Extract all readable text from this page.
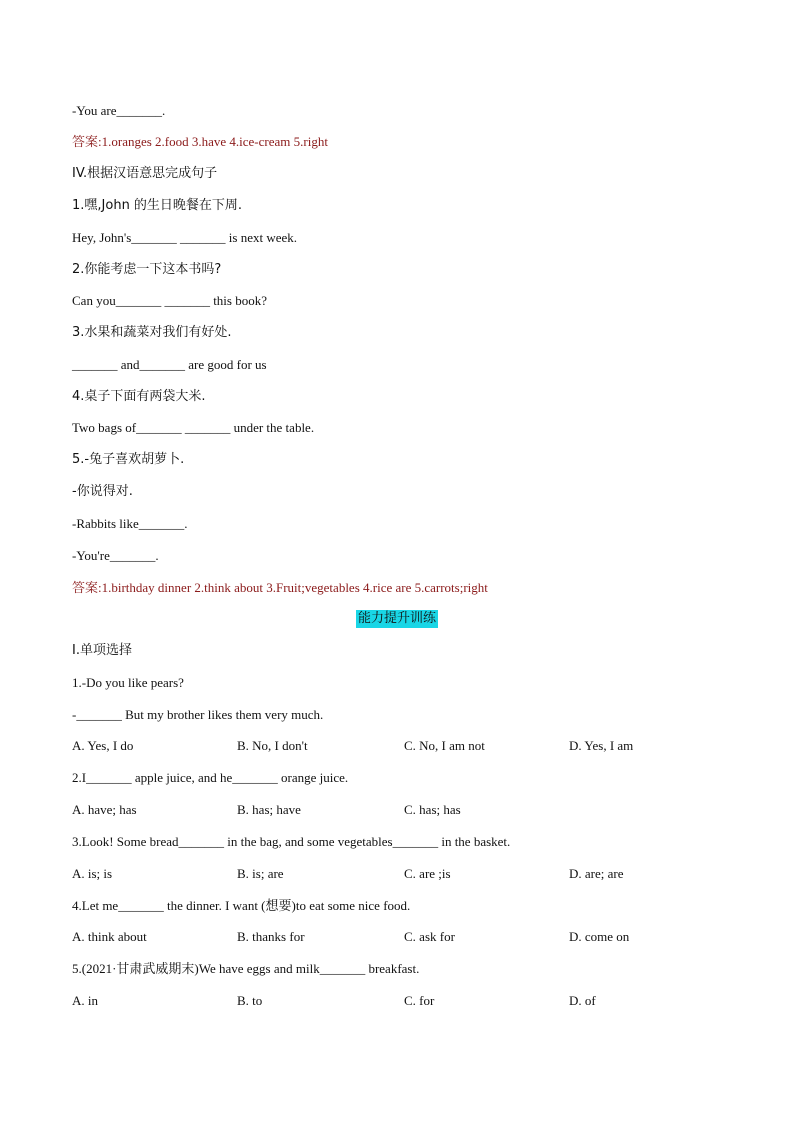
-You are_______.
答案:1.oranges 2.food 3.have 4.ice-cream 5.right
IV.根据汉语意思完成句子
1.嘿,John 的生日晚餐在下周.
Hey, John's_______ _______ is next week.
2.你能考虑一下这本书吗?
Can you_______ _______ this book?
3.水果和蔬菜对我们有好处.
_______ and_______ are good for us
4.桌子下面有两袋大米.
Two bags of_______ _______ under the table.
5.-兔子喜欢胡萝卜.
-你说得对.
-Rabbits like_______.
-You're_______.
答案:1.birthday dinner 2.think about 3.Fruit;vegetables 4.rice are 5.carrots;right
能力提升训练
I.单项选择
1.-Do you like pears?
-_______ But my brother likes them very much.
A. Yes, I do	B. No, I don't	C. No, I am not	D. Yes, I am
2.I_______ apple juice, and he_______ orange juice.
A. have; has	B. has; have	C. has; has
3.Look! Some bread_______ in the bag, and some vegetables_______ in the basket.
A. is; is	B. is; are	C. are ;is	D. are; are
4.Let me_______ the dinner. I want (想要)to eat some nice food.
A. think about	B. thanks for	C. ask for	D. come on
5.(2021·甘肃武威期末)We have eggs and milk_______ breakfast.
A. in	B. to	C. for	D. of
